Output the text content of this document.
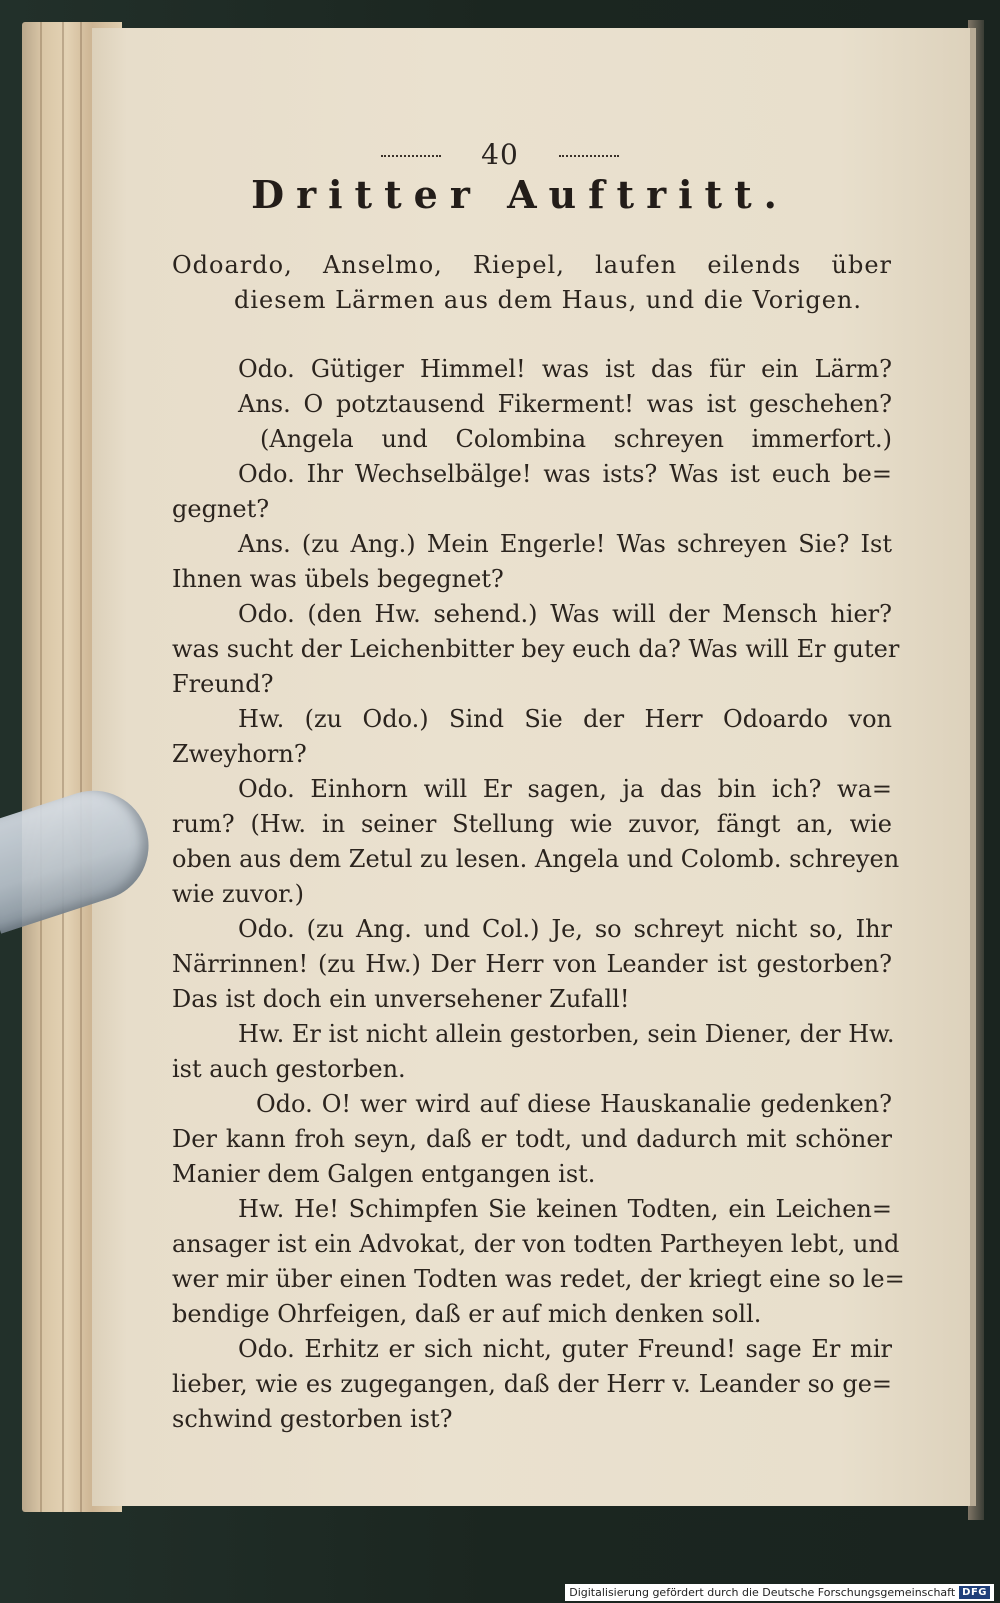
40
Dritter Auftritt.
Odoardo, Anselmo, Riepel, laufen eilends über
diesem Lärmen aus dem Haus, und die Vorigen.
Odo. Gütiger Himmel! was ist das für ein Lärm?
Ans. O potztausend Fikerment! was ist geschehen?
(Angela und Colombina schreyen immerfort.)
Odo. Ihr Wechselbälge! was ists? Was ist euch be=
gegnet?
Ans. (zu Ang.) Mein Engerle! Was schreyen Sie? Ist
Ihnen was übels begegnet?
Odo. (den Hw. sehend.) Was will der Mensch hier?
was sucht der Leichenbitter bey euch da? Was will Er guter
Freund?
Hw. (zu Odo.) Sind Sie der Herr Odoardo von
Zweyhorn?
Odo. Einhorn will Er sagen, ja das bin ich? wa=
rum? (Hw. in seiner Stellung wie zuvor, fängt an, wie
oben aus dem Zetul zu lesen. Angela und Colomb. schreyen
wie zuvor.)
Odo. (zu Ang. und Col.) Je, so schreyt nicht so, Ihr
Närrinnen! (zu Hw.) Der Herr von Leander ist gestorben?
Das ist doch ein unversehener Zufall!
Hw. Er ist nicht allein gestorben, sein Diener, der Hw.
ist auch gestorben.
Odo. O! wer wird auf diese Hauskanalie gedenken?
Der kann froh seyn, daß er todt, und dadurch mit schöner
Manier dem Galgen entgangen ist.
Hw. He! Schimpfen Sie keinen Todten, ein Leichen=
ansager ist ein Advokat, der von todten Partheyen lebt, und
wer mir über einen Todten was redet, der kriegt eine so le=
bendige Ohrfeigen, daß er auf mich denken soll.
Odo. Erhitz er sich nicht, guter Freund! sage Er mir
lieber, wie es zugegangen, daß der Herr v. Leander so ge=
schwind gestorben ist?
Digitalisierung gefördert durch die Deutsche Forschungsgemeinschaft DFG
